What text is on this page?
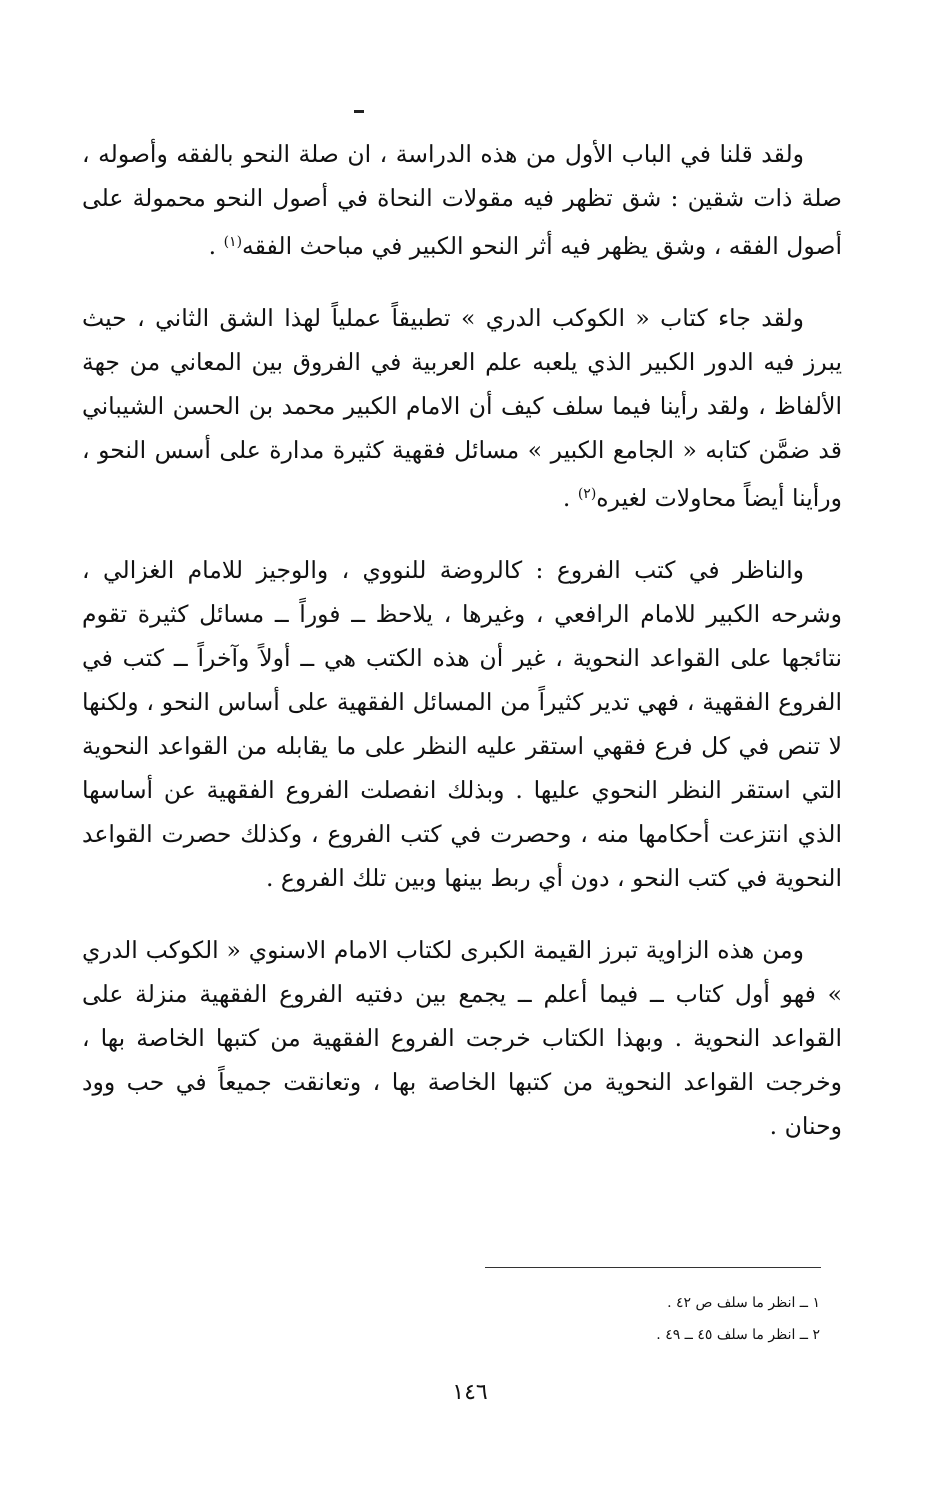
ولقد قلنا في الباب الأول من هذه الدراسة ، ان صلة النحو بالفقه وأصوله ، صلة ذات شقين : شق تظهر فيه مقولات النحاة في أصول النحو محمولة على أصول الفقه ، وشق يظهر فيه أثر النحو الكبير في مباحث الفقه$^{(١)}$ .

ولقد جاء كتاب « الكوكب الدري » تطبيقاً عملياً لهذا الشق الثاني ، حيث يبرز فيه الدور الكبير الذي يلعبه علم العربية في الفروق بين المعاني من جهة الألفاظ ، ولقد رأينا فيما سلف كيف أن الامام الكبير محمد بن الحسن الشيباني قد ضمَّن كتابه « الجامع الكبير » مسائل فقهية كثيرة مدارة على أسس النحو ، ورأينا أيضاً محاولات لغيره$^{(٢)}$ .

والناظر في كتب الفروع : كالروضة للنووي ، والوجيز للامام الغزالي ، وشرحه الكبير للامام الرافعي ، وغيرها ، يلاحظ ــ فوراً ــ مسائل كثيرة تقوم نتائجها على القواعد النحوية ، غير أن هذه الكتب هي ــ أولاً وآخراً ــ كتب في الفروع الفقهية ، فهي تدير كثيراً من المسائل الفقهية على أساس النحو ، ولكنها لا تنص في كل فرع فقهي استقر عليه النظر على ما يقابله من القواعد النحوية التي استقر النظر النحوي عليها . وبذلك انفصلت الفروع الفقهية عن أساسها الذي انتزعت أحكامها منه ، وحصرت في كتب الفروع ، وكذلك حصرت القواعد النحوية في كتب النحو ، دون أي ربط بينها وبين تلك الفروع .

ومن هذه الزاوية تبرز القيمة الكبرى لكتاب الامام الاسنوي « الكوكب الدري » فهو أول كتاب ــ فيما أعلم ــ يجمع بين دفتيه الفروع الفقهية منزلة على القواعد النحوية . وبهذا الكتاب خرجت الفروع الفقهية من كتبها الخاصة بها ، وخرجت القواعد النحوية من كتبها الخاصة بها ، وتعانقت جميعاً في حب وود وحنان .

١ ــ انظر ما سلف ص ٤٢ .

٢ ــ انظر ما سلف ٤٥ ــ ٤٩ .

١٤٦
